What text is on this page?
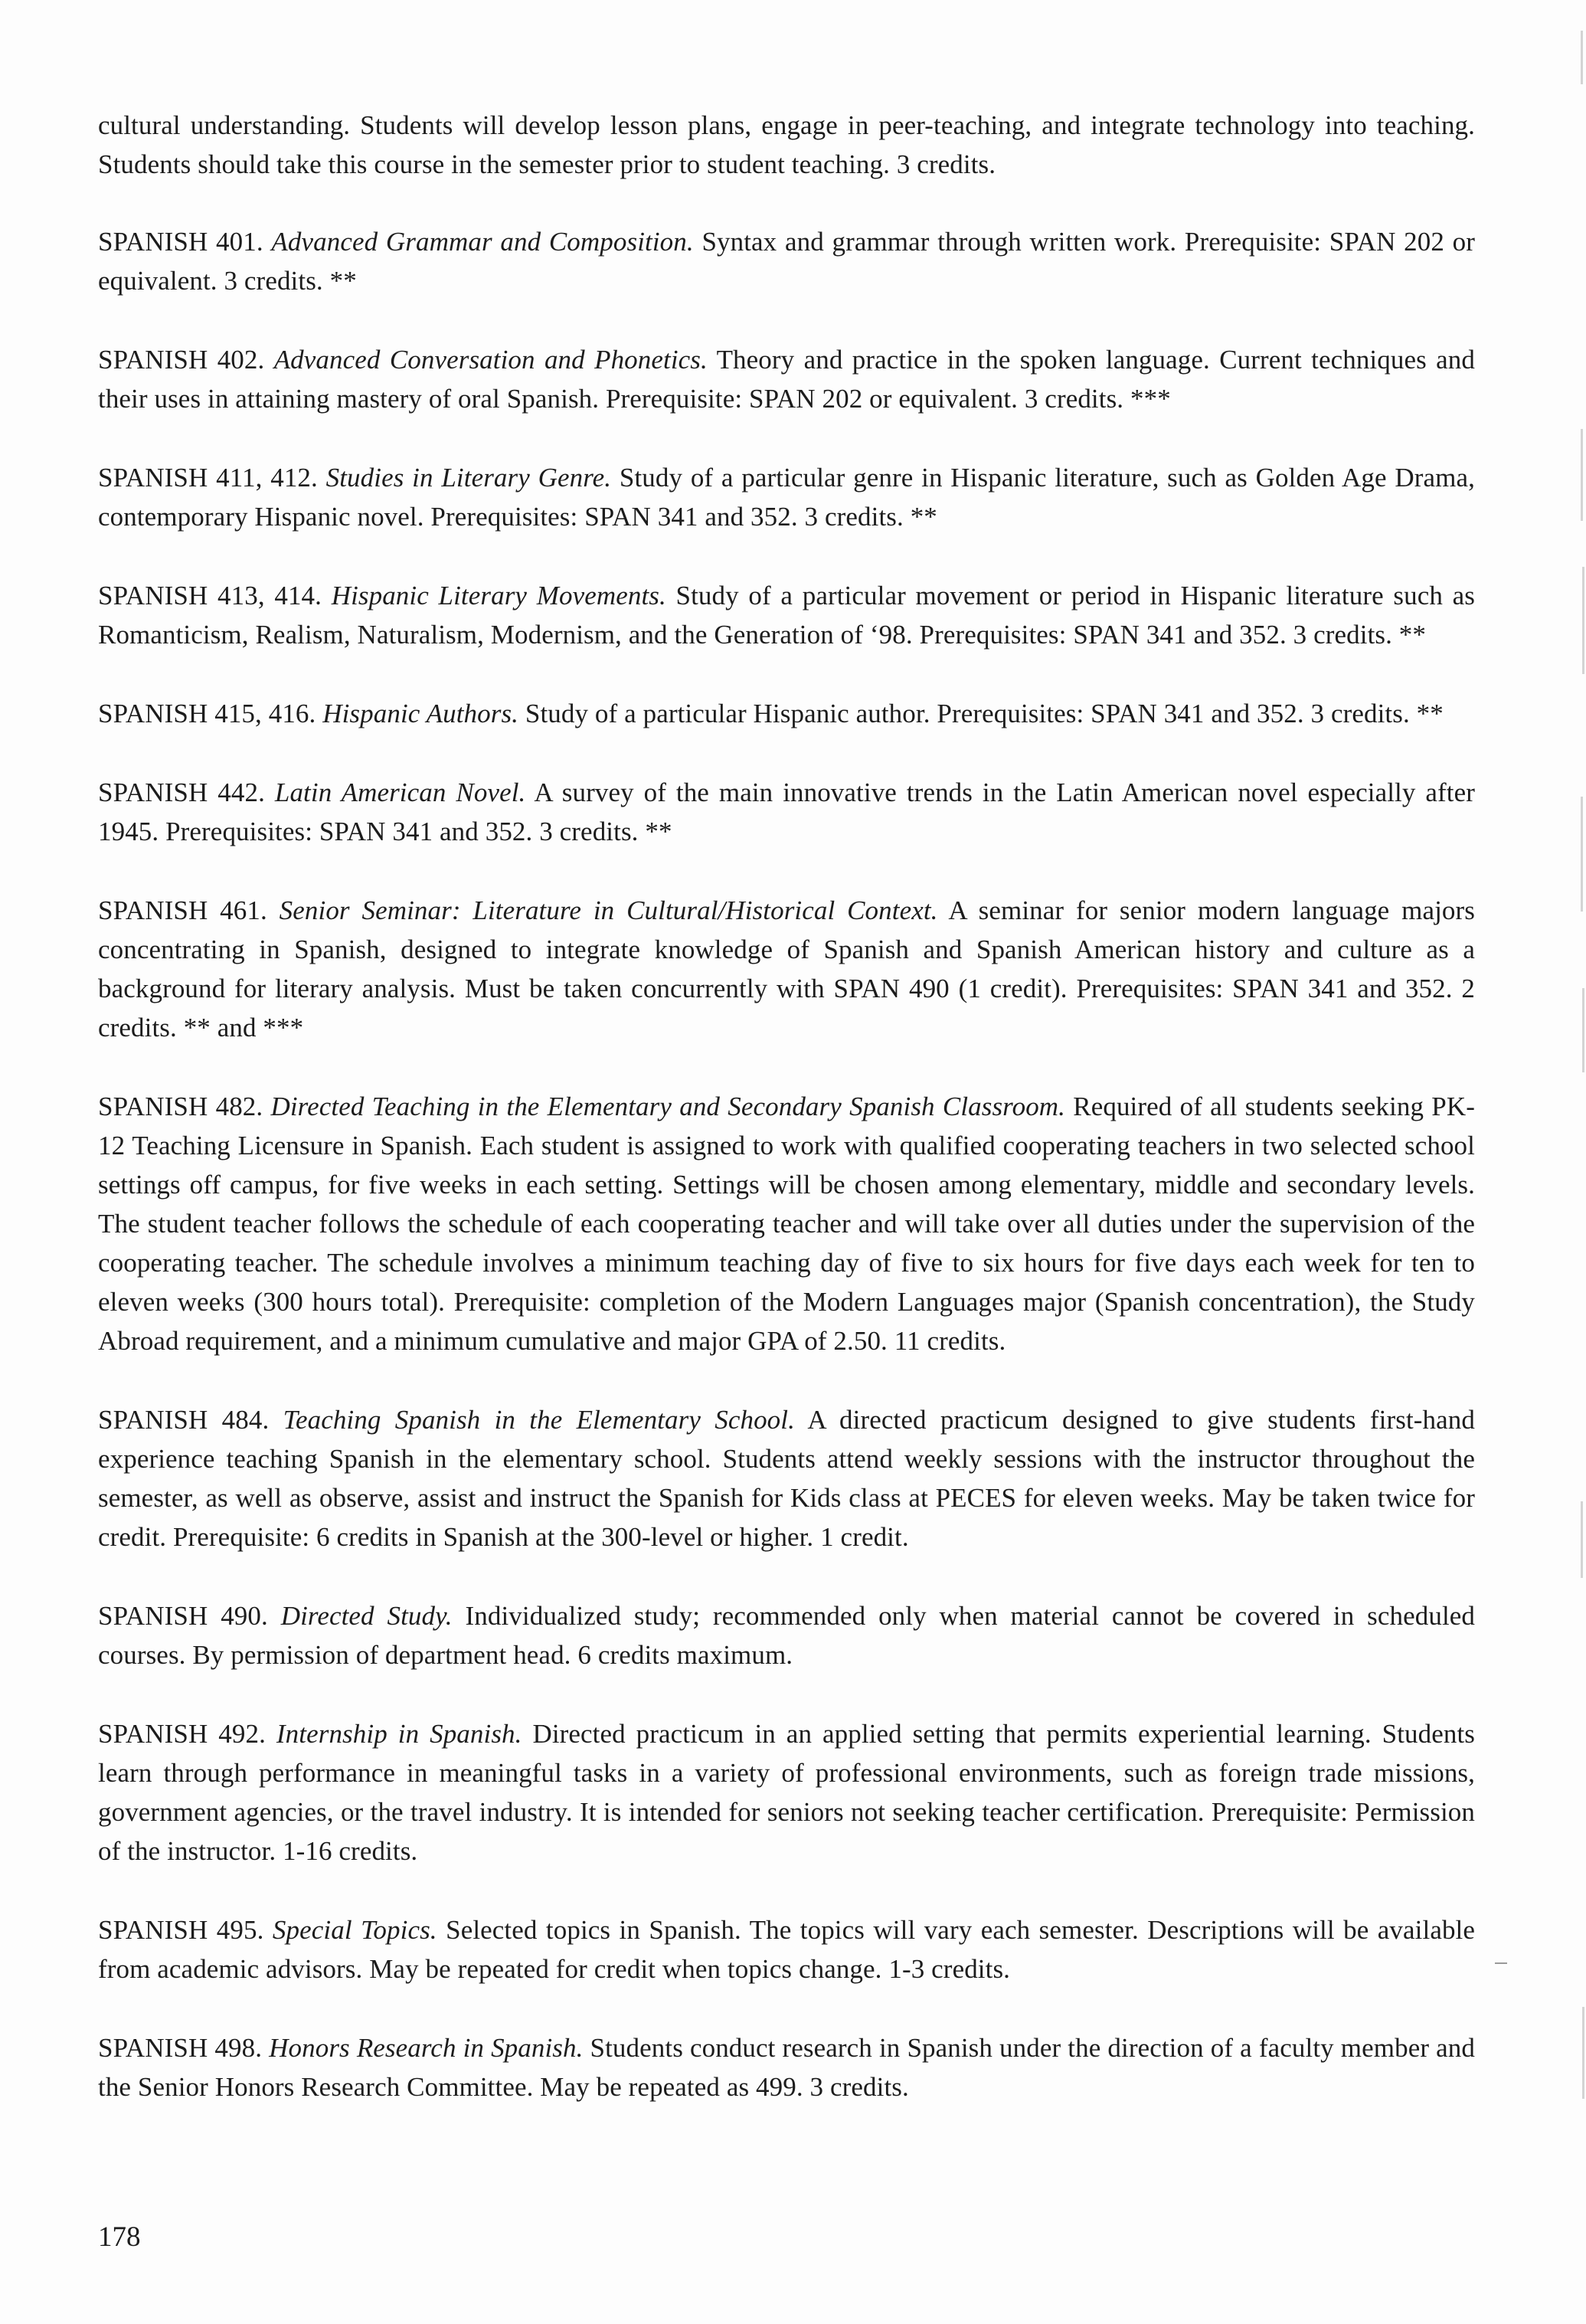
cultural understanding. Students will develop lesson plans, engage in peer-teaching, and integrate technology into teaching. Students should take this course in the semester prior to student teaching. 3 credits.

SPANISH 401. Advanced Grammar and Composition. Syntax and grammar through written work. Prerequisite: SPAN 202 or equivalent. 3 credits. **

SPANISH 402. Advanced Conversation and Phonetics. Theory and practice in the spoken language. Current techniques and their uses in attaining mastery of oral Spanish. Prerequisite: SPAN 202 or equivalent. 3 credits. ***

SPANISH 411, 412. Studies in Literary Genre. Study of a particular genre in Hispanic literature, such as Golden Age Drama, contemporary Hispanic novel. Prerequisites: SPAN 341 and 352. 3 credits. **

SPANISH 413, 414. Hispanic Literary Movements. Study of a particular movement or period in Hispanic literature such as Romanticism, Realism, Naturalism, Modernism, and the Generation of ‘98. Prerequisites: SPAN 341 and 352. 3 credits. **

SPANISH 415, 416. Hispanic Authors. Study of a particular Hispanic author. Prerequisites: SPAN 341 and 352. 3 credits. **

SPANISH 442. Latin American Novel. A survey of the main innovative trends in the Latin American novel especially after 1945. Prerequisites: SPAN 341 and 352. 3 credits. **

SPANISH 461. Senior Seminar: Literature in Cultural/Historical Context. A seminar for senior modern language majors concentrating in Spanish, designed to integrate knowledge of Spanish and Spanish American history and culture as a background for literary analysis. Must be taken concurrently with SPAN 490 (1 credit). Prerequisites: SPAN 341 and 352. 2 credits. ** and ***

SPANISH 482. Directed Teaching in the Elementary and Secondary Spanish Classroom. Required of all students seeking PK-12 Teaching Licensure in Spanish. Each student is assigned to work with qualified cooperating teachers in two selected school settings off campus, for five weeks in each setting. Settings will be chosen among elementary, middle and secondary levels. The student teacher follows the schedule of each cooperating teacher and will take over all duties under the supervision of the cooperating teacher. The schedule involves a minimum teaching day of five to six hours for five days each week for ten to eleven weeks (300 hours total). Prerequisite: completion of the Modern Languages major (Spanish concentration), the Study Abroad requirement, and a minimum cumulative and major GPA of 2.50. 11 credits.

SPANISH 484. Teaching Spanish in the Elementary School. A directed practicum designed to give students first-hand experience teaching Spanish in the elementary school. Students attend weekly sessions with the instructor throughout the semester, as well as observe, assist and instruct the Spanish for Kids class at PECES for eleven weeks. May be taken twice for credit. Prerequisite: 6 credits in Spanish at the 300-level or higher. 1 credit.

SPANISH 490. Directed Study. Individualized study; recommended only when material cannot be covered in scheduled courses. By permission of department head. 6 credits maximum.

SPANISH 492. Internship in Spanish. Directed practicum in an applied setting that permits experiential learning. Students learn through performance in meaningful tasks in a variety of professional environments, such as foreign trade missions, government agencies, or the travel industry. It is intended for seniors not seeking teacher certification. Prerequisite: Permission of the instructor. 1-16 credits.

SPANISH 495. Special Topics. Selected topics in Spanish. The topics will vary each semester. Descriptions will be available from academic advisors. May be repeated for credit when topics change. 1-3 credits.

SPANISH 498. Honors Research in Spanish. Students conduct research in Spanish under the direction of a faculty member and the Senior Honors Research Committee. May be repeated as 499. 3 credits.

178
